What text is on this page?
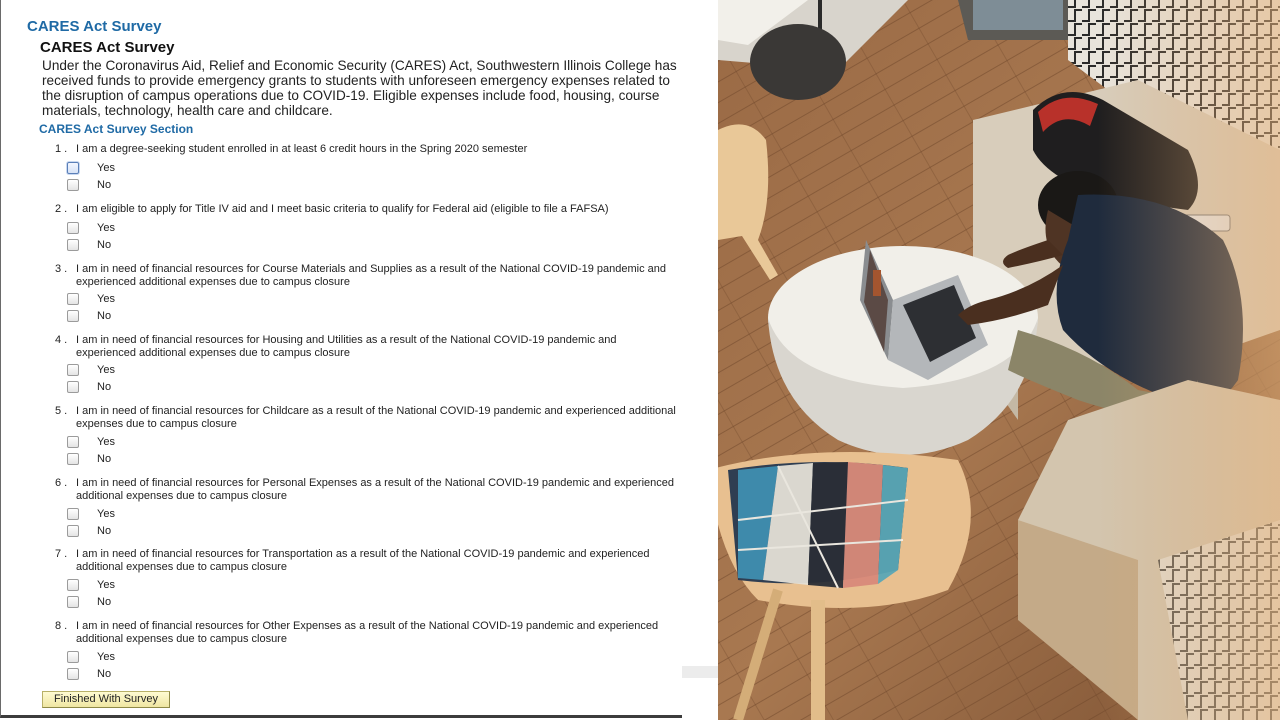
CARES Act Survey
CARES Act Survey

Under the Coronavirus Aid, Relief and Economic Security (CARES) Act, Southwestern Illinois College has received funds to provide emergency grants to students with unforeseen emergency expenses related to the disruption of campus operations due to COVID-19. Eligible expenses include food, housing, course materials, technology, health care and childcare.

CARES Act Survey Section
1 . I am a degree-seeking student enrolled in at least 6 credit hours in the Spring 2020 semester

Yes
No
2 . I am eligible to apply for Title IV aid and I meet basic criteria to qualify for Federal aid (eligible to file a FAFSA)

Yes
No
3 . I am in need of financial resources for Course Materials and Supplies as a result of the National COVID-19 pandemic and experienced additional expenses due to campus closure

Yes
No
4 . I am in need of financial resources for Housing and Utilities as a result of the National COVID-19 pandemic and experienced additional expenses due to campus closure

Yes
No
5 . I am in need of financial resources for Childcare as a result of the National COVID-19 pandemic and experienced additional expenses due to campus closure

Yes
No
6 . I am in need of financial resources for Personal Expenses as a result of the National COVID-19 pandemic and experienced additional expenses due to campus closure

Yes
No
7 . I am in need of financial resources for Transportation as a result of the National COVID-19 pandemic and experienced additional expenses due to campus closure

Yes
No
8 . I am in need of financial resources for Other Expenses as a result of the National COVID-19 pandemic and experienced additional expenses due to campus closure

Yes
No
Finished With Survey
